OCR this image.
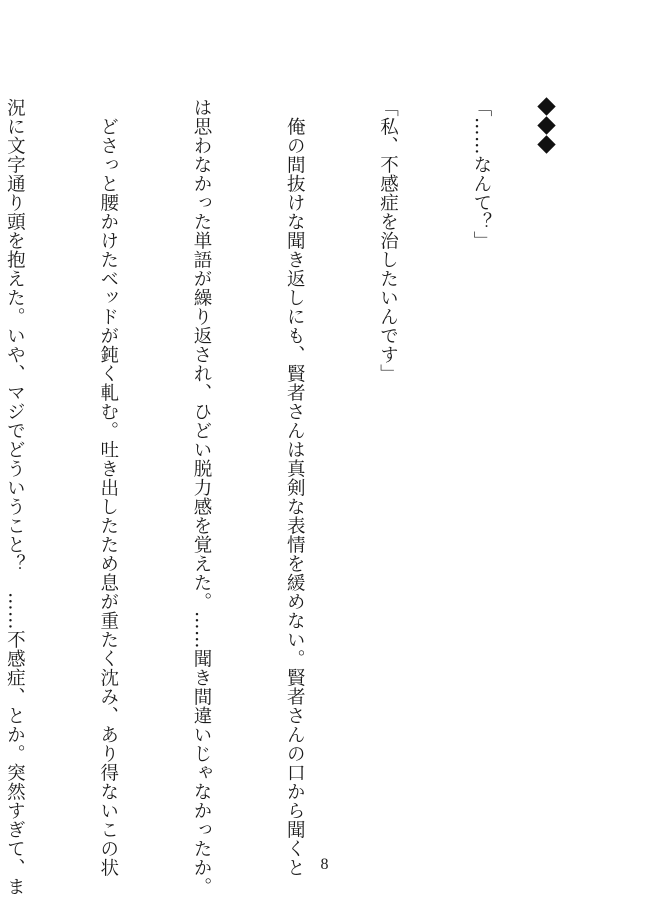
「……なんて？」

「私、不感症を治したいんです」

　俺の間抜けな聞き返しにも、賢者さんは真剣な表情を緩めない。賢者さんの口から聞くと

は思わなかった単語が繰り返され、ひどい脱力感を覚えた。……聞き間違いじゃなかったか。

　どさっと腰かけたベッドが鈍く軋む。吐き出したため息が重たく沈み、あり得ないこの状

況に文字通り頭を抱えた。いや、マジでどういうこと？　……不感症、とか。突然すぎて、ま

	8
